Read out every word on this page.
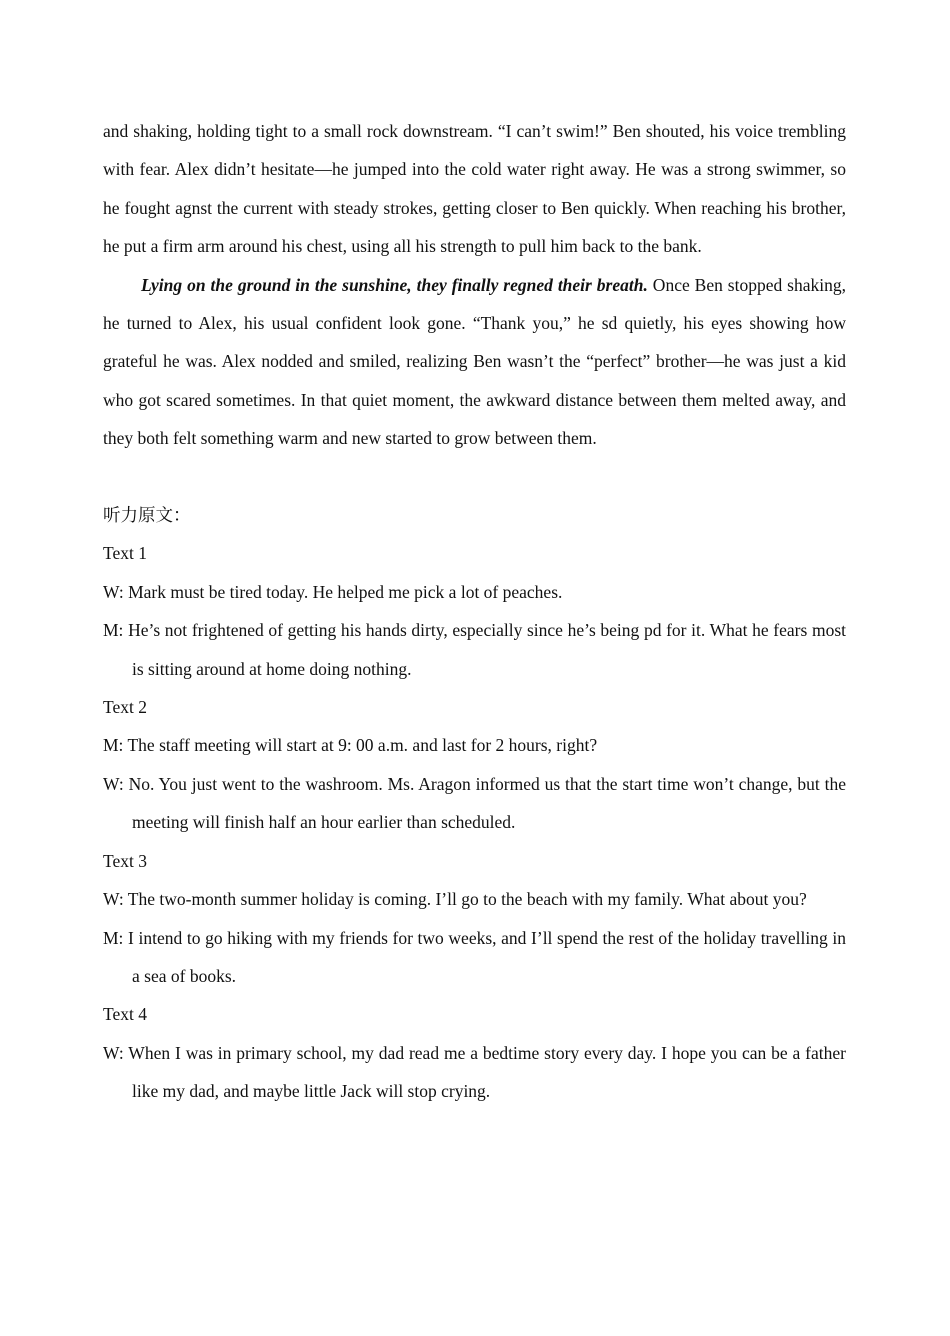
and shaking, holding tight to a small rock downstream. “I can’t swim!” Ben shouted, his voice trembling with fear. Alex didn’t hesitate—he jumped into the cold water right away. He was a strong swimmer, so he fought agnst the current with steady strokes, getting closer to Ben quickly. When reaching his brother, he put a firm arm around his chest, using all his strength to pull him back to the bank.

Lying on the ground in the sunshine, they finally regned their breath. Once Ben stopped shaking, he turned to Alex, his usual confident look gone. “Thank you,” he sd quietly, his eyes showing how grateful he was. Alex nodded and smiled, realizing Ben wasn’t the “perfect” brother—he was just a kid who got scared sometimes. In that quiet moment, the awkward distance between them melted away, and they both felt something warm and new started to grow between them.

听力原文：

Text 1

W: Mark must be tired today. He helped me pick a lot of peaches.

M: He’s not frightened of getting his hands dirty, especially since he’s being pd for it. What he fears most is sitting around at home doing nothing.

Text 2

M: The staff meeting will start at 9: 00 a.m. and last for 2 hours, right?

W: No. You just went to the washroom. Ms. Aragon informed us that the start time won’t change, but the meeting will finish half an hour earlier than scheduled.

Text 3

W: The two-month summer holiday is coming. I’ll go to the beach with my family. What about you?

M: I intend to go hiking with my friends for two weeks, and I’ll spend the rest of the holiday travelling in a sea of books.

Text 4

W: When I was in primary school, my dad read me a bedtime story every day. I hope you can be a father like my dad, and maybe little Jack will stop crying.
